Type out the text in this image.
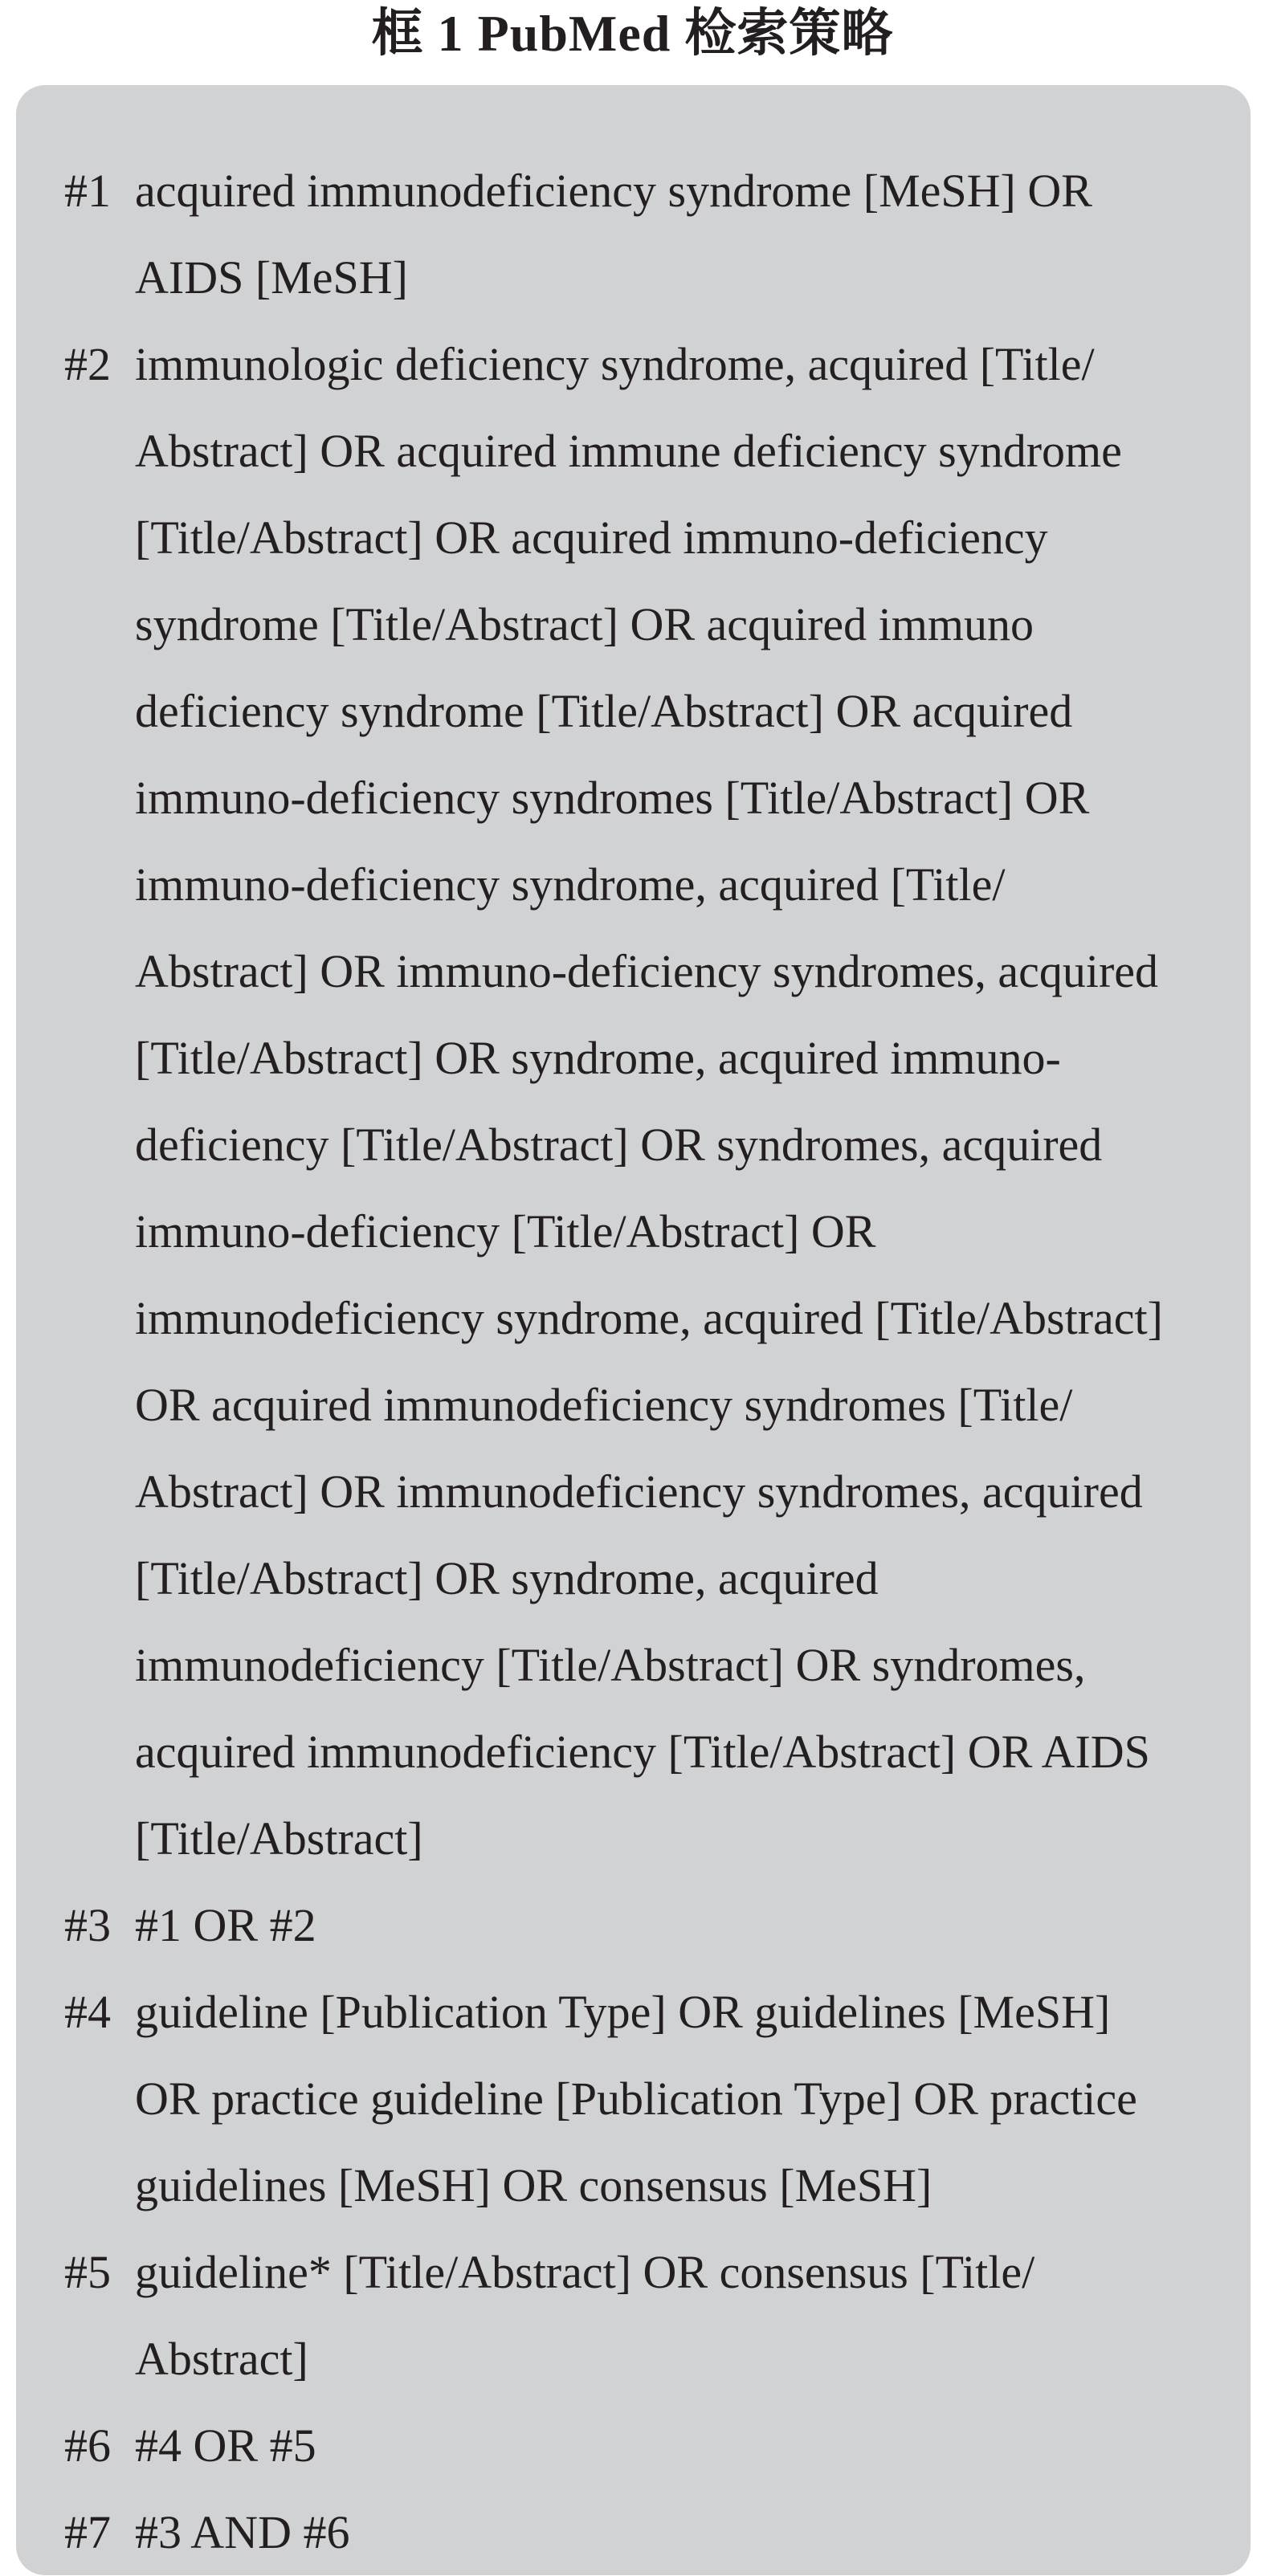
框 1 PubMed 检索策略
#1 acquired immunodeficiency syndrome [MeSH] OR
AIDS [MeSH]
#2 immunologic deficiency syndrome, acquired [Title/
Abstract] OR acquired immune deficiency syndrome
[Title/Abstract] OR acquired immuno-deficiency
syndrome [Title/Abstract] OR acquired immuno
deficiency syndrome [Title/Abstract] OR acquired
immuno-deficiency syndromes [Title/Abstract] OR
immuno-deficiency syndrome, acquired [Title/
Abstract] OR immuno-deficiency syndromes, acquired
[Title/Abstract] OR syndrome, acquired immuno-
deficiency [Title/Abstract] OR syndromes, acquired
immuno-deficiency [Title/Abstract] OR
immunodeficiency syndrome, acquired [Title/Abstract]
OR acquired immunodeficiency syndromes [Title/
Abstract] OR immunodeficiency syndromes, acquired
[Title/Abstract] OR syndrome, acquired
immunodeficiency [Title/Abstract] OR syndromes,
acquired immunodeficiency [Title/Abstract] OR AIDS
[Title/Abstract]
#3 #1 OR #2
#4 guideline [Publication Type] OR guidelines [MeSH]
OR practice guideline [Publication Type] OR practice
guidelines [MeSH] OR consensus [MeSH]
#5 guideline* [Title/Abstract] OR consensus [Title/
Abstract]
#6 #4 OR #5
#7 #3 AND #6
